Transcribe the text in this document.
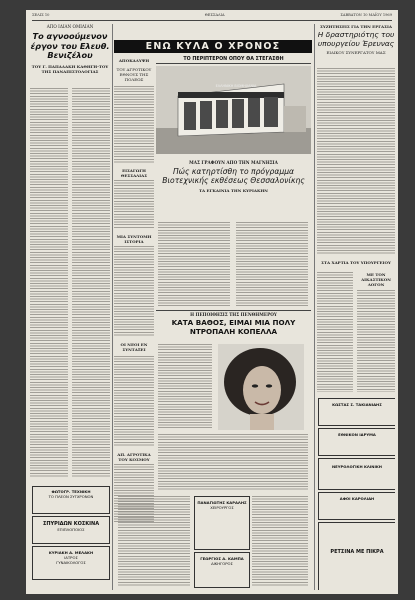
ΣΕΛΙΣ 10	ΘΕΣΣΑΛΙΑ	ΣΑΒΒΑΤΟΝ 10 ΜΑΪΟΥ 1969
ΑΠΟ ΙΔΙΑΝ ΟΜΙΛΙΑΝ
Το αγνοούμενον έργον του Ελευθ. Βενιζέλου
ΤΟΥ Γ. ΠΑΠΑΔΑΚΗ ΚΑΘΗΓΗ-ΤΟΥ ΤΗΣ ΠΑΝΑΠΙΣΤΟΛΟΓΙΑΣ
ΦΩΤΟΓΡ. ΤΕΧΝΙΚΗ
ΤΟ ΠΛΕΟΝ ΣΥΓΧΡΟΝΟΝ
ΣΠΥΡΙΔΩΝ ΚΟΣΚΙΝΑ
ΕΠΙΠΛΟΠΟΙΟΣ
ΚΥΡΙΑΚΗ Α. ΜΕΛΑΚΗ
ΙΑΤΡΟΣ
ΓΥΝΑΙΚΟΛΟΓΟΣ
ΕΝΩ ΚΥΛΑ Ο ΧΡΟΝΟΣ
ΑΠΟΚΑΛΥΨΗ
ΤΟΥ ΑΓΡΟΤΙΚΟΥ ΕΘΝΟΥΣ ΤΗΣ ΠΟΛΕΩΣ
ΕΙΣΑΓΩΓΗ ΘΕΣΣΑΛΙΑΣ
ΜΙΑ ΣΥΝΤΟΜΗ ΙΣΤΟΡΙΑ
ΟΙ ΝΕΟΙ ΕΝ ΣΥΝΤΑΞΕΙ
ΑΠ. ΑΓΡΟΤΙΚΑ ΤΟΥ ΚΟΣΜΟΥ
ΤΟ ΠΕΡΙΠΤΕΡΟΝ ΟΠΟΥ ΘΑ ΣΤΕΓΑΣΘΗ
ΕΛΛΗΝΙΚΗ ΒΙΟΜΗΧΑΝΙΑ
ΜΑΣ ΓΡΑΦΟΥΝ ΑΠΟ ΤΗΝ ΜΑΓΝΗΣΙΑ
Πώς κατηρτίσθη το πρόγραμμα Βιοτεχνικής εκθέσεως Θεσσαλονίκης
ΤΑ ΕΓΚΑΙΝΙΑ ΤΗΝ ΚΥΡΙΑΚΗΝ
Η ΠΕΠΟΙΘΗΣΙΣ ΤΗΣ ΠΕΝΘΗΜΕΡΟΥ
ΚΑΤΑ ΒΑΘΟΣ, ΕΙΜΑΙ ΜΙΑ ΠΟΛΥ ΝΤΡΟΠΑΛΗ ΚΟΠΕΛΛΑ
ΠΑΝΑΓΙΩΤΗΣ ΚΑΡΑΛΗΣ
ΧΕΙΡΟΥΡΓΟΣ
ΓΕΩΡΓΙΟΣ Α. ΚΑΜΠΑ
ΔΙΚΗΓΟΡΟΣ
ΣΥΖΗΤΗΣΕΙΣ ΓΙΑ ΤΗΝ ΕΡΓΑΣΙΑ
Η δραστηριότης του υπουργείου Έρευνας
ΕΙΔΙΚΟΥ ΣΥΝΕΡΓΑΤΟΥ ΜΑΣ
ΣΤΑ ΧΑΡΤΙΑ ΤΟΥ ΥΠΟΥΡΓΕΙΟΥ
ΜΕ ΤΟΝ ΔΙΚΑΣΤΙΚΟΝ ΛΟΓΟΝ
ΚΩΣΤΑΣ Σ. ΤΑΚΙΑΝΙΔΗΣ
ΕΘΝΙΚΟΝ ΙΔΡΥΜΑ
ΝΕΥΡΟΛΟΓΙΚΗ ΚΛΙΝΙΚΗ
ΑΦΟΙ ΚΑΡΟΛΙΔΗ
ΡΕΤΣΙΝΑ ΜΕ ΠΙΚΡΑ
